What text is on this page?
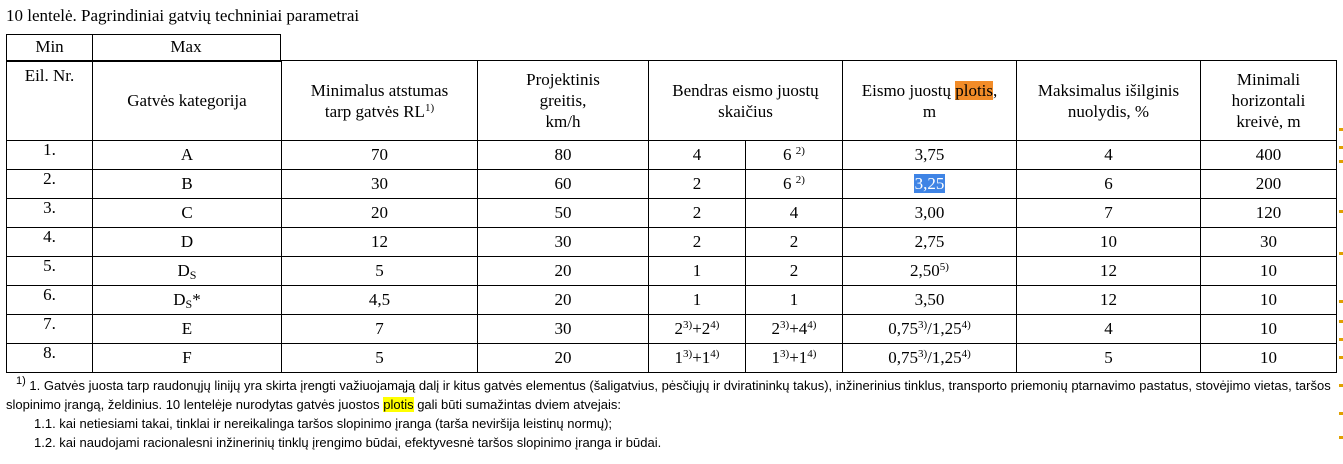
10 lentelė. Pagrindiniai gatvių techniniai parametrai
Min	Max
Eil. Nr.	Gatvės kategorija	Minimalus atstumas
tarp gatvės RL$^{1)}$	Projektinis
greitis,
km/h	Bendras eismo juostų
skaičius		Eismo juostų plotis,
m	Maksimalus išilginis
nuolydis, %	Minimali
horizontali
kreivė, m
1.	A	70	80	4	6 $^{2)}$	3,75	4	400
2.	B	30	60	2	6 $^{2)}$	3,25	6	200
3.	C	20	50	2	4	3,00	7	120
4.	D	12	30	2	2	2,75	10	30
5.	$D_S$	5	20	1	2	2,50$^{5)}$	12	10
6.	$D_S*$	4,5	20	1	1	3,50	12	10
7.	E	7	30	$2^{3)}+2^{4)}$	$2^{3)}+4^{4)}$	0,75$^{3)}$/1,25$^{4)}$	4	10
8.	F	5	20	$1^{3)}+1^{4)}$	$1^{3)}+1^{4)}$	0,75$^{3)}$/1,25$^{4)}$	5	10
$^{1)}$ 1. Gatvės juosta tarp raudonųjų linijų yra skirta įrengti važiuojamąją dalį ir kitus gatvės elementus (šaligatvius, pėsčiųjų ir dviratininkų takus), inžinerinius tinklus, transporto priemonių ptarnavimo pastatus, stovėjimo vietas, taršos slopinimo įrangą, želdinius. 10 lentelėje nurodytas gatvės juostos plotis gali būti sumažintas dviem atvejais:
1.1. kai netiesiami takai, tinklai ir nereikalinga taršos slopinimo įranga (tarša neviršija leistinų normų);
1.2. kai naudojami racionalesni inžinerinių tinklų įrengimo būdai, efektyvesnė taršos slopinimo įranga ir būdai.
